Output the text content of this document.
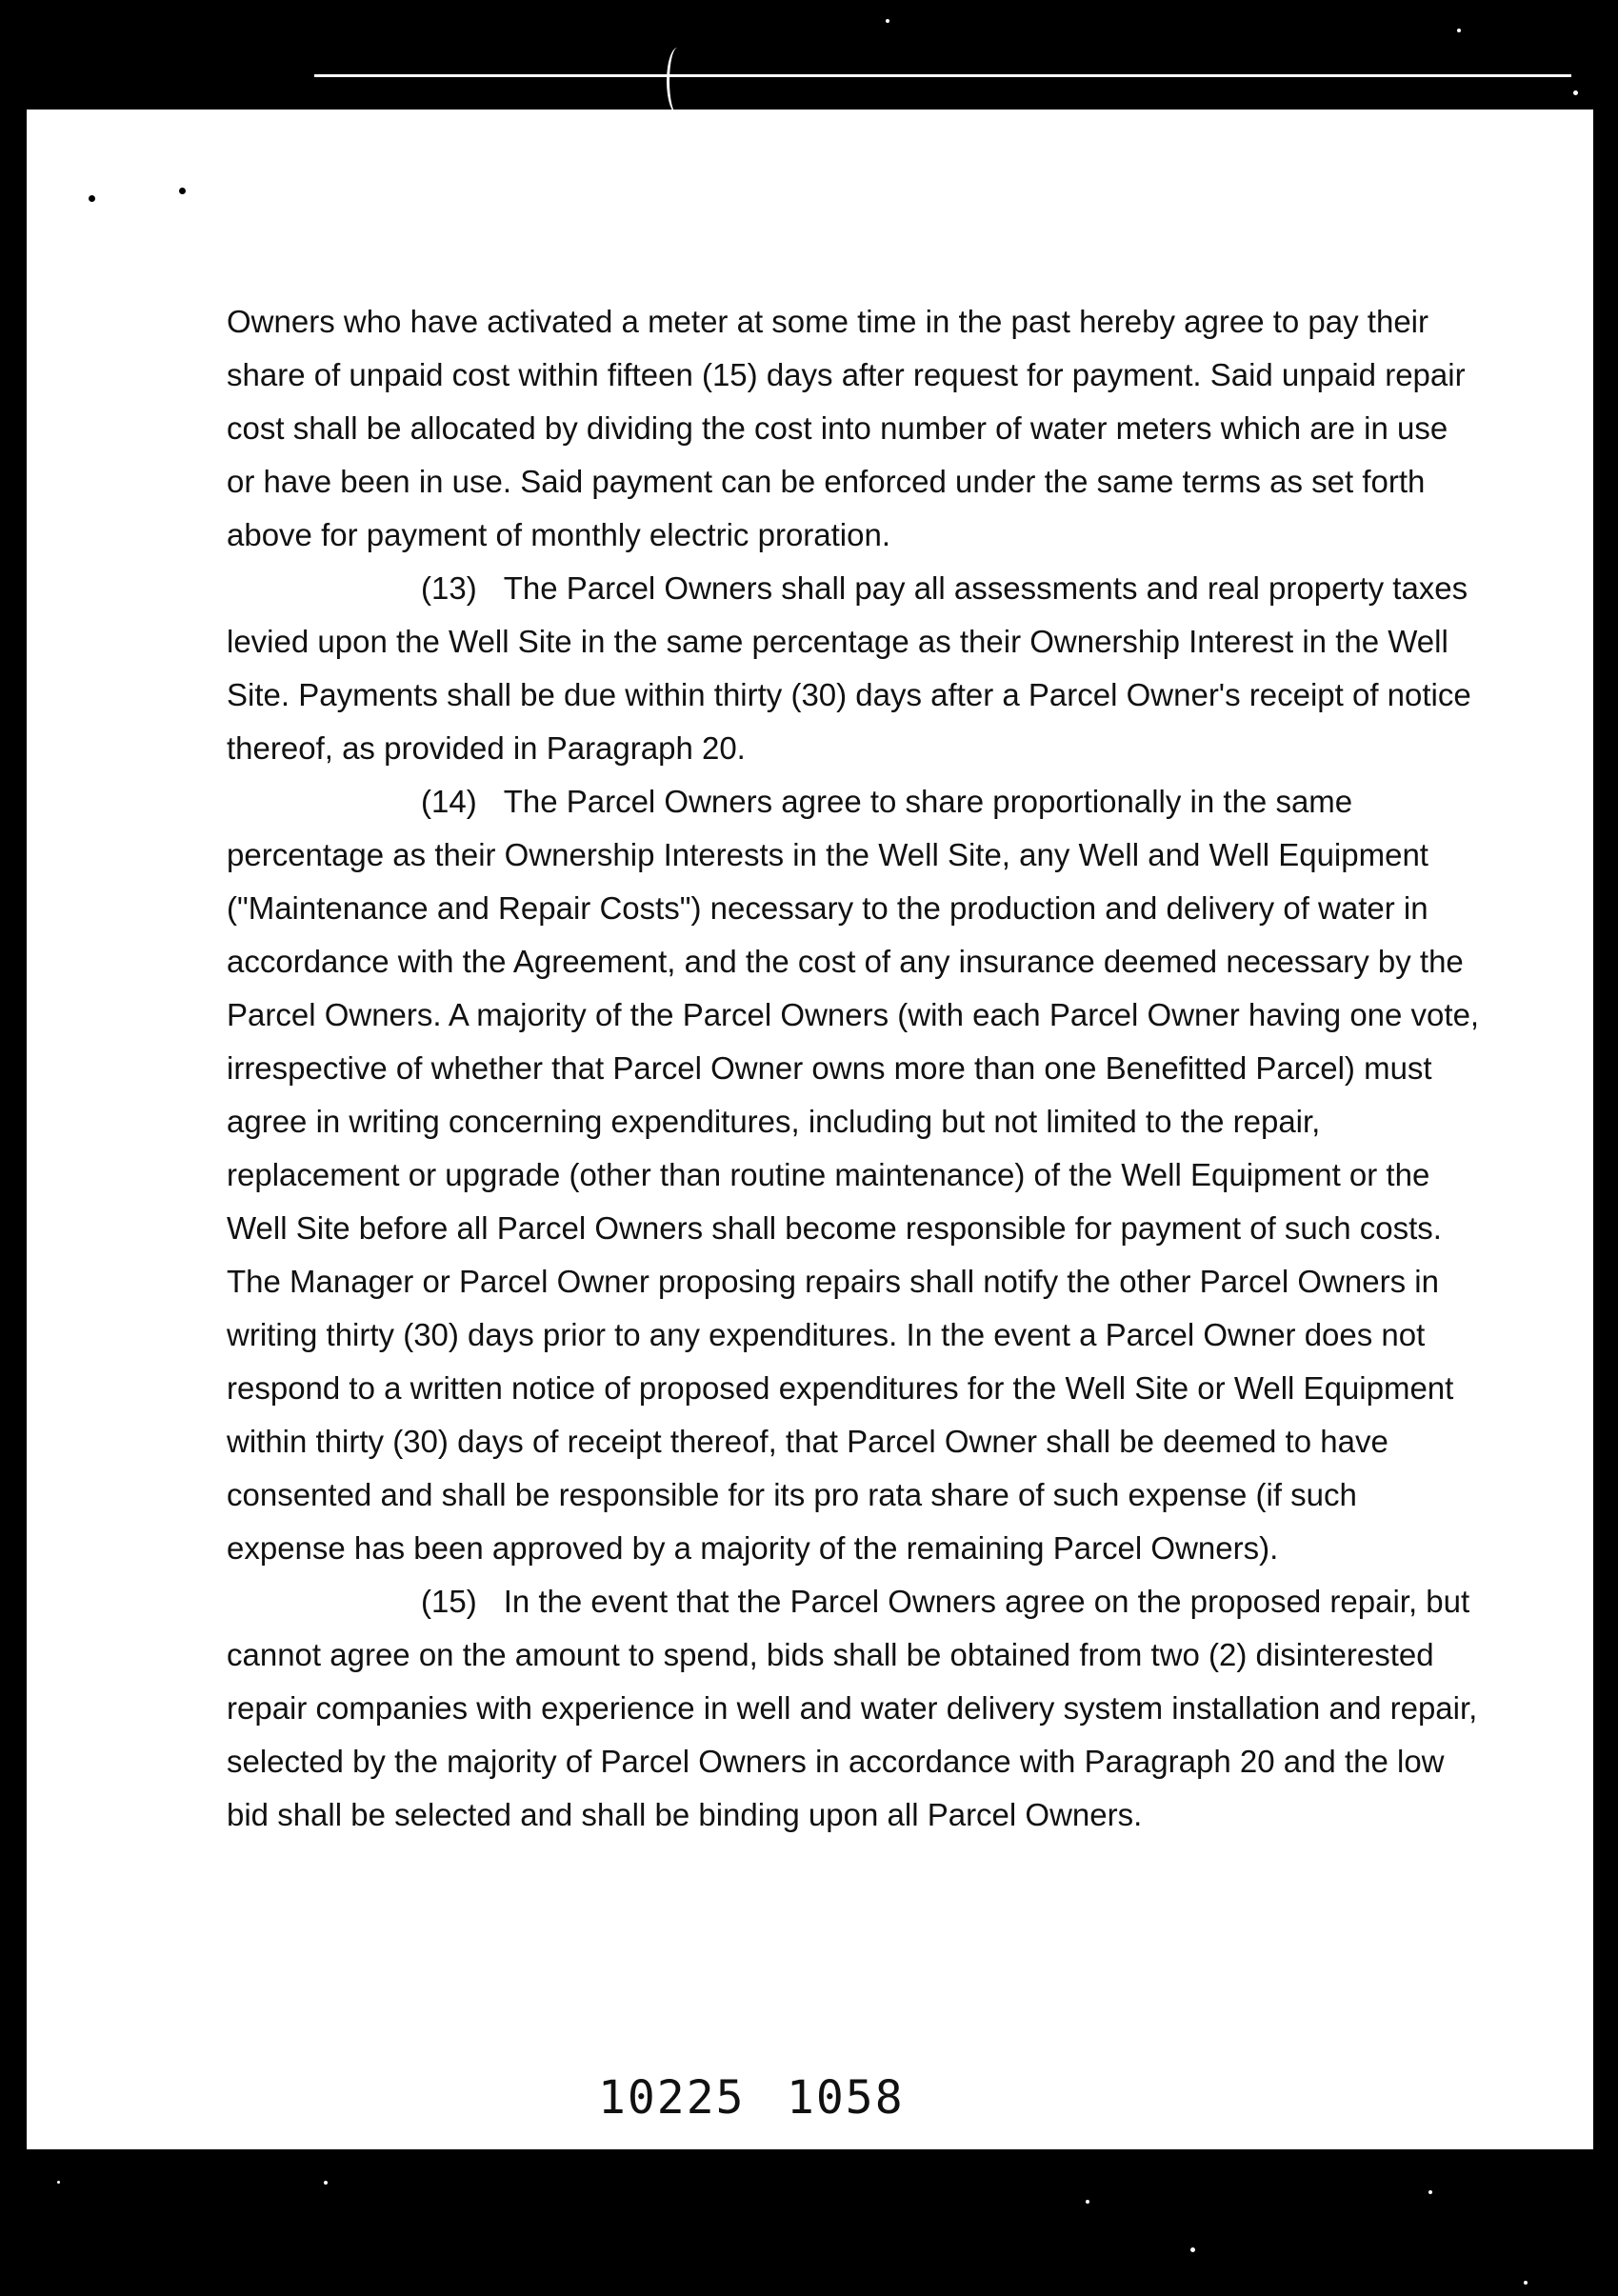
Owners who have activated a meter at some time in the past hereby agree to pay their share of unpaid cost within fifteen (15) days after request for payment. Said unpaid repair cost shall be allocated by dividing the cost into number of water meters which are in use or have been in use. Said payment can be enforced under the same terms as set forth above for payment of monthly electric proration.

(13) The Parcel Owners shall pay all assessments and real property taxes levied upon the Well Site in the same percentage as their Ownership Interest in the Well Site. Payments shall be due within thirty (30) days after a Parcel Owner's receipt of notice thereof, as provided in Paragraph 20.

(14) The Parcel Owners agree to share proportionally in the same percentage as their Ownership Interests in the Well Site, any Well and Well Equipment ("Maintenance and Repair Costs") necessary to the production and delivery of water in accordance with the Agreement, and the cost of any insurance deemed necessary by the Parcel Owners. A majority of the Parcel Owners (with each Parcel Owner having one vote, irrespective of whether that Parcel Owner owns more than one Benefitted Parcel) must agree in writing concerning expenditures, including but not limited to the repair, replacement or upgrade (other than routine maintenance) of the Well Equipment or the Well Site before all Parcel Owners shall become responsible for payment of such costs. The Manager or Parcel Owner proposing repairs shall notify the other Parcel Owners in writing thirty (30) days prior to any expenditures. In the event a Parcel Owner does not respond to a written notice of proposed expenditures for the Well Site or Well Equipment within thirty (30) days of receipt thereof, that Parcel Owner shall be deemed to have consented and shall be responsible for its pro rata share of such expense (if such expense has been approved by a majority of the remaining Parcel Owners).

(15) In the event that the Parcel Owners agree on the proposed repair, but cannot agree on the amount to spend, bids shall be obtained from two (2) disinterested repair companies with experience in well and water delivery system installation and repair, selected by the majority of Parcel Owners in accordance with Paragraph 20 and the low bid shall be selected and shall be binding upon all Parcel Owners.

10225 1058
